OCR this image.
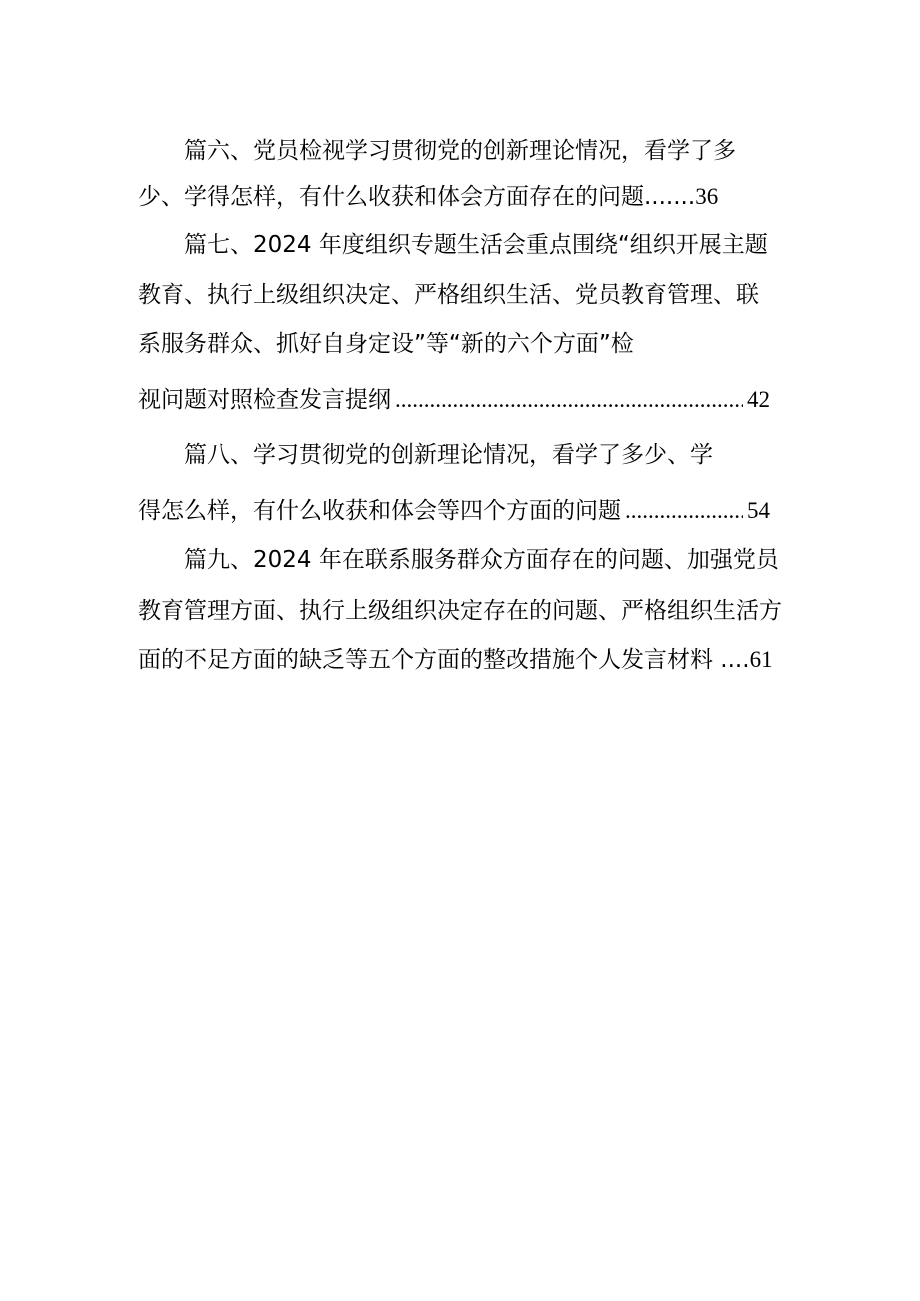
篇六、党员检视学习贯彻党的创新理论情况，看学了多
少、学得怎样，有什么收获和体会方面存在的问题.......36
篇七、2024 年度组织专题生活会重点围绕“组织开展主题
教育、执行上级组织决定、严格组织生活、党员教育管理、联
系服务群众、抓好自身定设”等“新的六个方面”检
视问题对照检查发言提纲 .....	42
篇八、学习贯彻党的创新理论情况，看学了多少、学
得怎么样，有什么收获和体会等四个方面的问题 .....	54
篇九、2024 年在联系服务群众方面存在的问题、加强党员
教育管理方面、执行上级组织决定存在的问题、严格组织生活方
面的不足方面的缺乏等五个方面的整改措施个人发言材料 ....61
